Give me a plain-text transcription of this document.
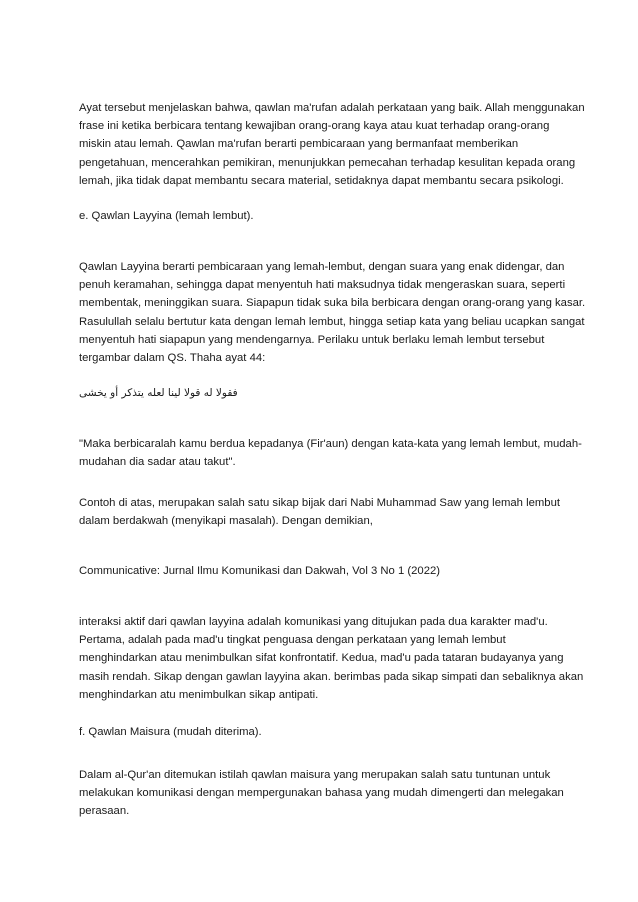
Ayat tersebut menjelaskan bahwa, qawlan ma'rufan adalah perkataan yang baik. Allah menggunakan
frase ini ketika berbicara tentang kewajiban orang-orang kaya atau kuat terhadap orang-orang
miskin atau lemah. Qawlan ma'rufan berarti pembicaraan yang bermanfaat memberikan
pengetahuan, mencerahkan pemikiran, menunjukkan pemecahan terhadap kesulitan kepada orang
lemah, jika tidak dapat membantu secara material, setidaknya dapat membantu secara psikologi.

e. Qawlan Layyina (lemah lembut).

Qawlan Layyina berarti pembicaraan yang lemah-lembut, dengan suara yang enak didengar, dan
penuh keramahan, sehingga dapat menyentuh hati maksudnya tidak mengeraskan suara, seperti
membentak, meninggikan suara. Siapapun tidak suka bila berbicara dengan orang-orang yang kasar.
Rasulullah selalu bertutur kata dengan lemah lembut, hingga setiap kata yang beliau ucapkan sangat
menyentuh hati siapapun yang mendengarnya. Perilaku untuk berlaku lemah lembut tersebut
tergambar dalam QS. Thaha ayat 44:

فقولا له قولا لينا لعله يتذكر أو يخشى

"Maka berbicaralah kamu berdua kepadanya (Fir'aun) dengan kata-kata yang lemah lembut, mudah-
mudahan dia sadar atau takut".

Contoh di atas, merupakan salah satu sikap bijak dari Nabi Muhammad Saw yang lemah lembut
dalam berdakwah (menyikapi masalah). Dengan demikian,

Communicative: Jurnal Ilmu Komunikasi dan Dakwah, Vol 3 No 1 (2022)

interaksi aktif dari qawlan layyina adalah komunikasi yang ditujukan pada dua karakter mad'u.
Pertama, adalah pada mad'u tingkat penguasa dengan perkataan yang lemah lembut
menghindarkan atau menimbulkan sifat konfrontatif. Kedua, mad'u pada tataran budayanya yang
masih rendah. Sikap dengan gawlan layyina akan. berimbas pada sikap simpati dan sebaliknya akan
menghindarkan atu menimbulkan sikap antipati.

f. Qawlan Maisura (mudah diterima).

Dalam al-Qur'an ditemukan istilah qawlan maisura yang merupakan salah satu tuntunan untuk
melakukan komunikasi dengan mempergunakan bahasa yang mudah dimengerti dan melegakan
perasaan.
